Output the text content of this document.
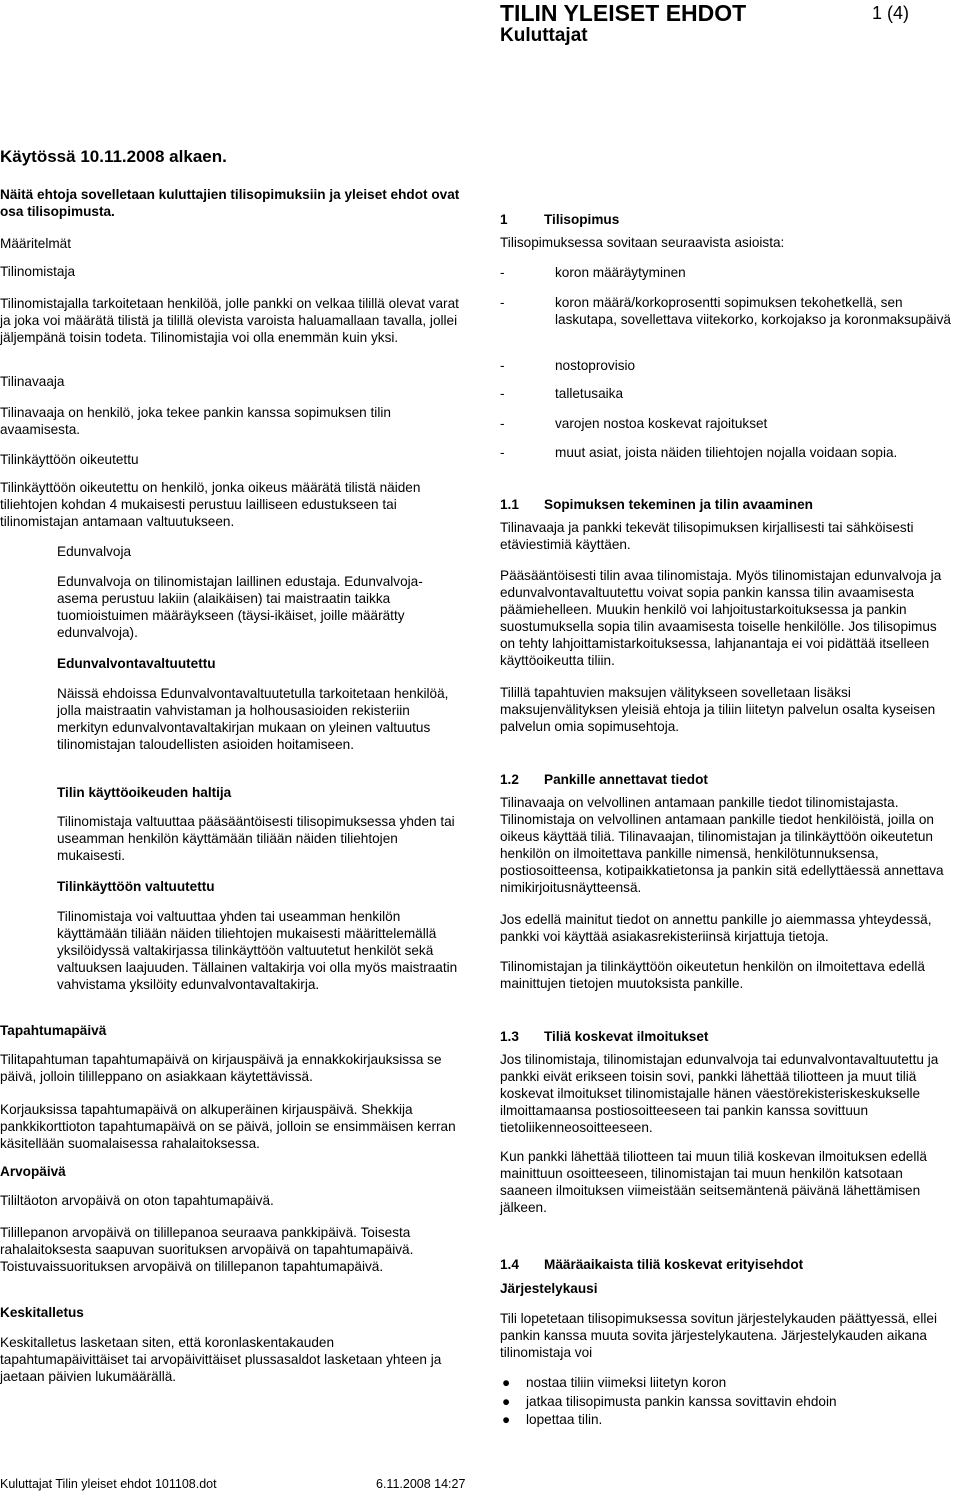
TILIN YLEISET EHDOT
Kuluttajat
1 (4)
Käytössä 10.11.2008 alkaen.

Näitä ehtoja sovelletaan kuluttajien tilisopimuksiin ja yleiset ehdot ovat osa tilisopimusta.

Määritelmät

Tilinomistaja

Tilinomistajalla tarkoitetaan henkilöä, jolle pankki on velkaa tilillä olevat varat ja joka voi määrätä tilistä ja tilillä olevista varoista haluamallaan tavalla, jollei jäljempänä toisin todeta. Tilinomistajia voi olla enemmän kuin yksi.

Tilinavaaja

Tilinavaaja on henkilö, joka tekee pankin kanssa sopimuksen tilin avaamisesta.

Tilinkäyttöön oikeutettu

Tilinkäyttöön oikeutettu on henkilö, jonka oikeus määrätä tilistä näiden tiliehtojen kohdan 4 mukaisesti perustuu lailliseen edustukseen tai tilinomistajan antamaan valtuutukseen.

Edunvalvoja

Edunvalvoja on tilinomistajan laillinen edustaja. Edunvalvoja-asema perustuu lakiin (alaikäisen) tai maistraatin taikka tuomioistuimen määräykseen (täysi-ikäiset, joille määrätty edunvalvoja).

Edunvalvontavaltuutettu

Näissä ehdoissa Edunvalvontavaltuutetulla tarkoitetaan henkilöä, jolla maistraatin vahvistaman ja holhousasioiden rekisteriin merkityn edunvalvontavaltakirjan mukaan on yleinen valtuutus tilinomistajan taloudellisten asioiden hoitamiseen.

Tilin käyttöoikeuden haltija

Tilinomistaja valtuuttaa pääsääntöisesti tilisopimuksessa yhden tai useamman henkilön käyttämään tiliään näiden tiliehtojen mukaisesti.

Tilinkäyttöön valtuutettu

Tilinomistaja voi valtuuttaa yhden tai useamman henkilön käyttämään tiliään näiden tiliehtojen mukaisesti määrittelemällä yksilöidyssä valtakirjassa tilinkäyttöön valtuutetut henkilöt sekä valtuuksen laajuuden. Tällainen valtakirja voi olla myös maistraatin vahvistama yksilöity edunvalvontavaltakirja.

Tapahtumapäivä

Tilitapahtuman tapahtumapäivä on kirjauspäivä ja ennakkokirjauksissa se päivä, jolloin tililleppano on asiakkaan käytettävissä.

Korjauksissa tapahtumapäivä on alkuperäinen kirjauspäivä. Shekkija pankkikorttioton tapahtumapäivä on se päivä, jolloin se ensimmäisen kerran käsitellään suomalaisessa rahalaitoksessa.

Arvopäivä

Tililtäoton arvopäivä on oton tapahtumapäivä.

Tilillepanon arvopäivä on tilillepanoa seuraava pankkipäivä. Toisesta rahalaitoksesta saapuvan suorituksen arvopäivä on tapahtumapäivä. Toistuvaissuorituksen arvopäivä on tilillepanon tapahtumapäivä.

Keskitalletus

Keskitalletus lasketaan siten, että koronlaskentakauden tapahtumapäivittäiset tai arvopäivittäiset plussasaldot lasketaan yhteen ja jaetaan päivien lukumäärällä.

1	Tilisopimus

Tilisopimuksessa sovitaan seuraavista asioista:

-	koron määräytyminen
-	koron määrä/korkoprosentti sopimuksen tekohetkellä, sen laskutapa, sovellettava viitekorko, korkojakso ja koronmaksupäivä
-	nostoprovisio
-	talletusaika
-	varojen nostoa koskevat rajoitukset
-	muut asiat, joista näiden tiliehtojen nojalla voidaan sopia.

1.1 Sopimuksen tekeminen ja tilin avaaminen

Tilinavaaja ja pankki tekevät tilisopimuksen kirjallisesti tai sähköisesti etäviestimiä käyttäen.

Pääsääntöisesti tilin avaa tilinomistaja. Myös tilinomistajan edunvalvoja ja edunvalvontavaltuutettu voivat sopia pankin kanssa tilin avaamisesta päämiehelleen. Muukin henkilö voi lahjoitustarkoituksessa ja pankin suostumuksella sopia tilin avaamisesta toiselle henkilölle. Jos tilisopimus on tehty lahjoittamistarkoituksessa, lahjanantaja ei voi pidättää itselleen käyttöoikeutta tiliin.

Tilillä tapahtuvien maksujen välitykseen sovelletaan lisäksi maksujenvälityksen yleisiä ehtoja ja tiliin liitetyn palvelun osalta kyseisen palvelun omia sopimusehtoja.

1.2 Pankille annettavat tiedot

Tilinavaaja on velvollinen antamaan pankille tiedot tilinomistajasta. Tilinomistaja on velvollinen antamaan pankille tiedot henkilöistä, joilla on oikeus käyttää tiliä. Tilinavaajan, tilinomistajan ja tilinkäyttöön oikeutetun henkilön on ilmoitettava pankille nimensä, henkilötunnuksensa, postiosoitteensa, kotipaikkatietonsa ja pankin sitä edellyttäessä annettava nimikirjoitusnäytteensä.

Jos edellä mainitut tiedot on annettu pankille jo aiemmassa yhteydessä, pankki voi käyttää asiakasrekisteriinsä kirjattuja tietoja.

Tilinomistajan ja tilinkäyttöön oikeutetun henkilön on ilmoitettava edellä mainittujen tietojen muutoksista pankille.

1.3 Tiliä koskevat ilmoitukset

Jos tilinomistaja, tilinomistajan edunvalvoja tai edunvalvontavaltuutettu ja pankki eivät erikseen toisin sovi, pankki lähettää tiliotteen ja muut tiliä koskevat ilmoitukset tilinomistajalle hänen väestörekisteriskeskukselle ilmoittamaansa postiosoitteeseen tai pankin kanssa sovittuun tietoliikenneosoitteeseen.

Kun pankki lähettää tiliotteen tai muun tiliä koskevan ilmoituksen edellä mainittuun osoitteeseen, tilinomistajan tai muun henkilön katsotaan saaneen ilmoituksen viimeistään seitsemäntenä päivänä lähettämisen jälkeen.

1.4 Määräaikaista tiliä koskevat erityisehdot

Järjestelykausi

Tili lopetetaan tilisopimuksessa sovitun järjestelykauden päättyessä, ellei pankin kanssa muuta sovita järjestelykautena. Järjestelykauden aikana tilinomistaja voi

● nostaa tiliin viimeksi liitetyn koron
● jatkaa tilisopimusta pankin kanssa sovittavin ehdoin
● lopettaa tilin.
Kuluttajat Tilin yleiset ehdot 101108.dot	6.11.2008 14:27
